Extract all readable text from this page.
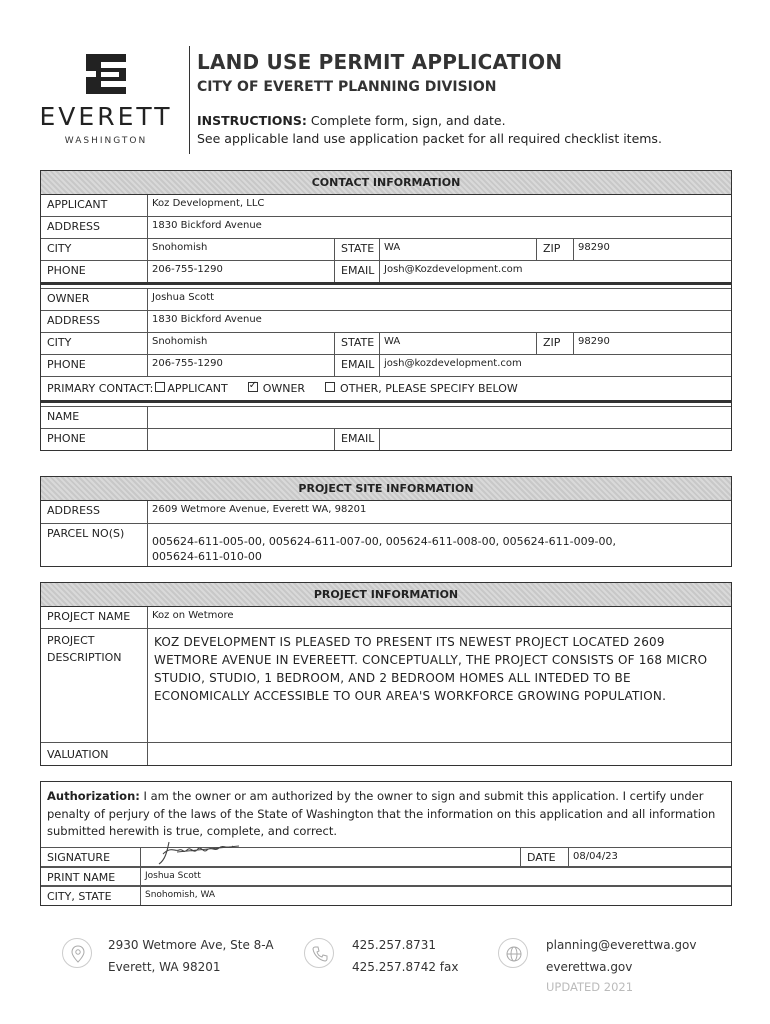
EVERETT
WASHINGTON
LAND USE PERMIT APPLICATION
CITY OF EVERETT PLANNING DIVISION
INSTRUCTIONS: Complete form, sign, and date.
See applicable land use application packet for all required checklist items.
CONTACT INFORMATION
APPLICANT	Koz Development, LLC
ADDRESS	1830 Bickford Avenue
CITY	Snohomish	STATE WA	ZIP	98290
PHONE	206-755-1290	EMAIL Josh@Kozdevelopment.com
OWNER	Joshua Scott
ADDRESS	1830 Bickford Avenue
CITY	Snohomish	STATE WA	ZIP	98290
PHONE	206-755-1290	EMAIL josh@kozdevelopment.com
PRIMARY CONTACT: APPLICANT
✓	OWNER	OTHER, PLEASE SPECIFY BELOW
NAME
PHONE	EMAIL
PROJECT SITE INFORMATION
ADDRESS	2609 Wetmore Avenue, Everett WA, 98201
PARCEL NO(S)
005624-611-005-00, 005624-611-007-00, 005624-611-008-00, 005624-611-009-00,
005624-611-010-00
PROJECT INFORMATION
PROJECT NAME	Koz on Wetmore
PROJECT
DESCRIPTION
KOZ DEVELOPMENT IS PLEASED TO PRESENT ITS NEWEST PROJECT LOCATED 2609 WETMORE AVENUE IN EVEREETT. CONCEPTUALLY, THE PROJECT CONSISTS OF 168 MICRO STUDIO, STUDIO, 1 BEDROOM, AND 2 BEDROOM HOMES ALL INTEDED TO BE ECONOMICALLY ACCESSIBLE TO OUR AREA'S WORKFORCE GROWING POPULATION.
VALUATION
Authorization: I am the owner or am authorized by the owner to sign and submit this application. I certify under penalty of perjury of the laws of the State of Washington that the information on this application and all information submitted herewith is true, complete, and correct.
SIGNATURE	DATE	08/04/23
PRINT NAME	Joshua Scott
CITY, STATE	Snohomish, WA
2930 Wetmore Ave, Ste 8-A
Everett, WA 98201
425.257.8731
425.257.8742 fax
planning@everettwa.gov
everettwa.gov
UPDATED 2021
